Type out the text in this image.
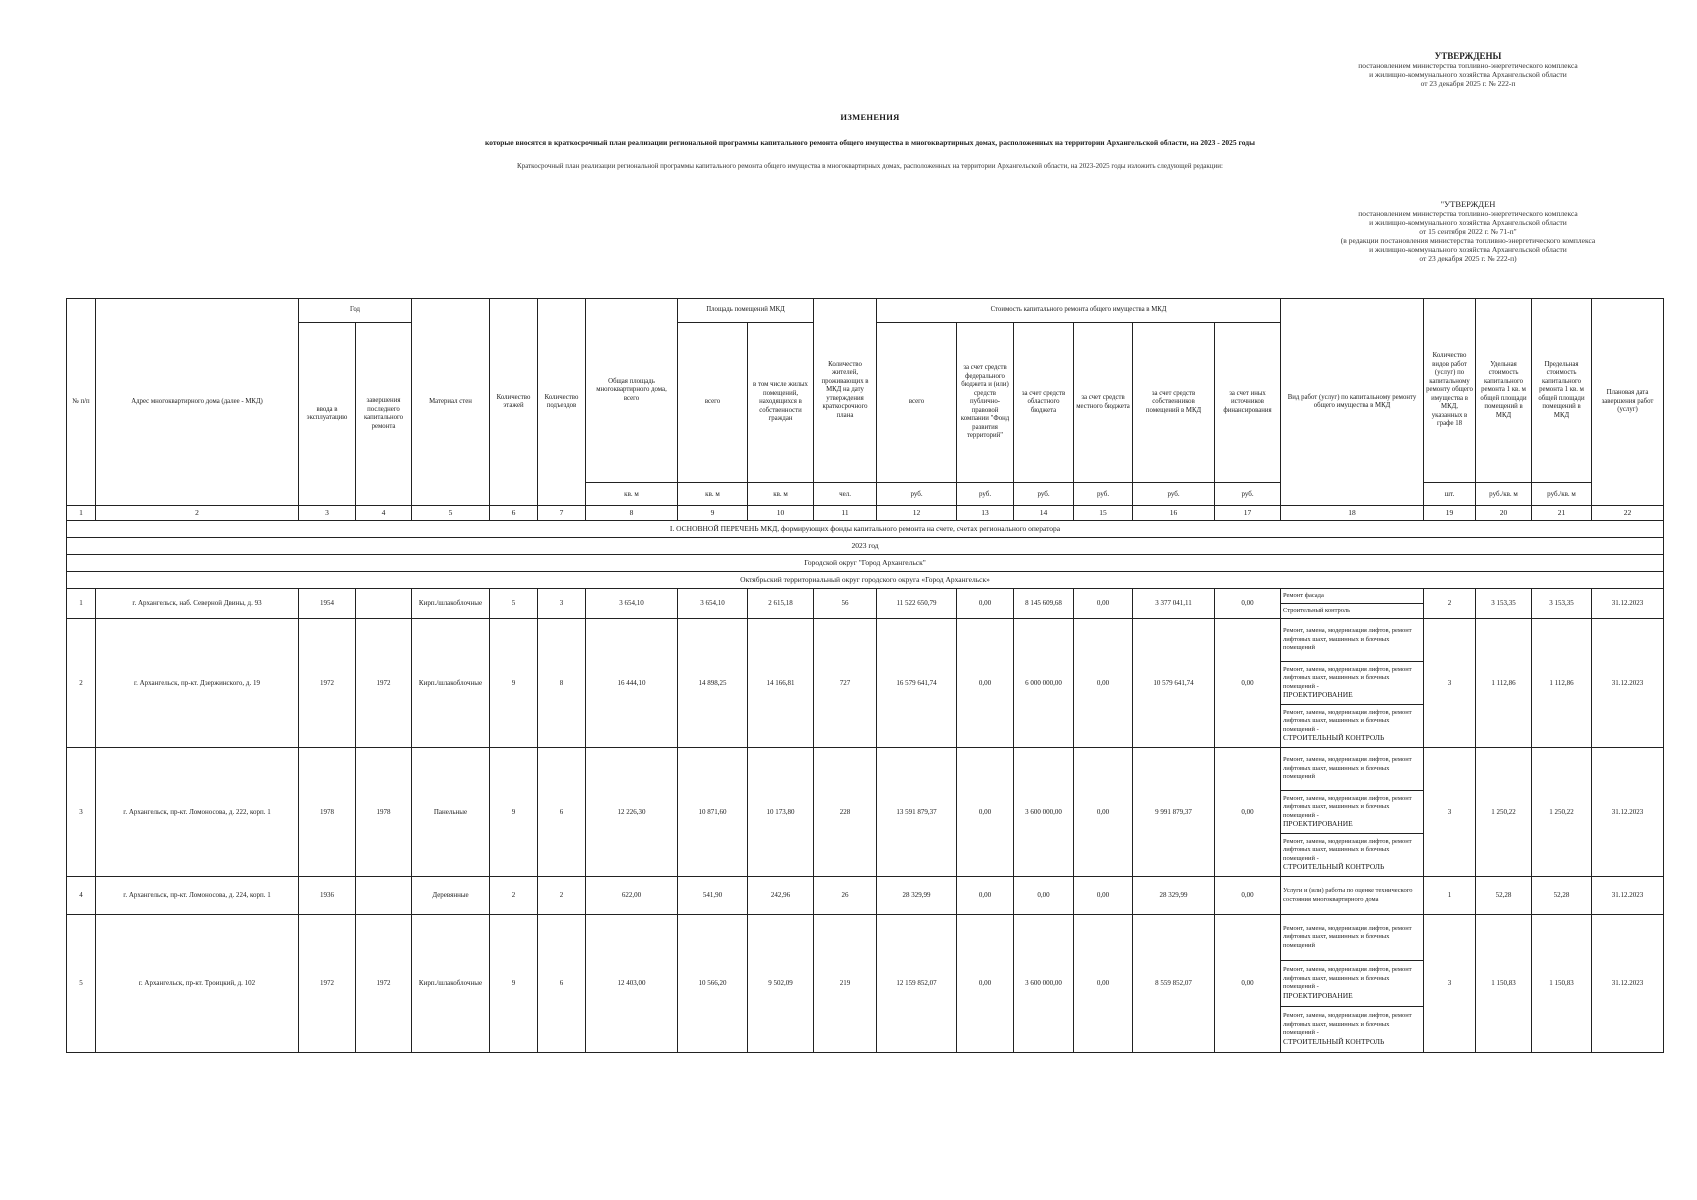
УТВЕРЖДЕНЫ
постановлением министерства топливно-энергетического комплекса
и жилищно-коммунального хозяйства Архангельской области
от 23 декабря 2025 г. № 222-п
ИЗМЕНЕНИЯ
которые вносятся в краткосрочный план реализации региональной программы капитального ремонта общего имущества в многоквартирных домах, расположенных на территории Архангельской области, на 2023 - 2025 годы
Краткосрочный план реализации региональной программы капитального ремонта общего имущества в многоквартирных домах, расположенных на территории Архангельской области, на 2023-2025 годы изложить следующей редакции:
"УТВЕРЖДЕН
постановлением министерства топливно-энергетического комплекса
и жилищно-коммунального хозяйства Архангельской области
от 15 сентября 2022 г. № 71-п"
(в редакции постановления министерства топливно-энергетического комплекса
и жилищно-коммунального хозяйства Архангельской области
от 23 декабря 2025 г. № 222-п)
№ п/п	Адрес многоквартирного дома (далее - МКД)	Год		Материал стен	Количество этажей	Количество подъездов	Общая площадь многоквартирного дома, всего	Площадь помещений МКД		Количество жителей, проживающих в МКД на дату утверждения краткосрочного плана	Стоимость капитального ремонта общего имущества в МКД						Вид работ (услуг) по капитальному ремонту общего имущества в МКД	Количество видов работ (услуг) по капитальному ремонту общего имущества в МКД, указанных в графе 18	Удельная стоимость капитального ремонта 1 кв. м общей площади помещений в МКД	Предельная стоимость капитального ремонта 1 кв. м общей площади помещений в МКД	Плановая дата завершения работ (услуг)
		ввода в эксплуатацию	завершения последнего капитального ремонта					всего	в том числе жилых помещений, находящихся в собственности граждан		всего	за счет средств федерального бюджета и (или) средств публично-правовой компании "Фонд развития территорий"	за счет средств областного бюджета	за счет средств местного бюджета	за счет средств собственников помещений в МКД	за счет иных источников финансирования					
							кв. м	кв. м	кв. м	чел.	руб.	руб.	руб.	руб.	руб.	руб.		шт.	руб./кв. м	руб./кв. м	
1	2	3	4	5	6	7	8	9	10	11	12	13	14	15	16	17	18	19	20	21	22
I. ОСНОВНОЙ ПЕРЕЧЕНЬ МКД, формирующих фонды капитального ремонта на счете, счетах регионального оператора																					
2023 год																					
Городской округ "Город Архангельск"																					
Октябрьский территориальный округ городского округа «Город Архангельск»																					
1	г. Архангельск, наб. Северной Двины, д. 93	1954		Кирп./шлакоблочные	5	3	3 654,10	3 654,10	2 615,18	56	11 522 650,79	0,00	8 145 609,68	0,00	3 377 041,11	0,00	Ремонт фасада	2	3 153,35	3 153,35	31.12.2023
																	Строительный контроль				
2	г. Архангельск, пр-кт. Дзержинского, д. 19	1972	1972	Кирп./шлакоблочные	9	8	16 444,10	14 898,25	14 166,81	727	16 579 641,74	0,00	6 000 000,00	0,00	10 579 641,74	0,00	Ремонт, замена, модернизация лифтов, ремонт лифтовых шахт, машинных и блочных помещений	3	1 112,86	1 112,86	31.12.2023
																	Ремонт, замена, модернизация лифтов, ремонт лифтовых шахт, машинных и блочных помещений -
ПРОЕКТИРОВАНИЕ				
																	Ремонт, замена, модернизация лифтов, ремонт лифтовых шахт, машинных и блочных помещений -
СТРОИТЕЛЬНЫЙ КОНТРОЛЬ				
3	г. Архангельск, пр-кт. Ломоносова, д. 222, корп. 1	1978	1978	Панельные	9	6	12 226,30	10 871,60	10 173,80	228	13 591 879,37	0,00	3 600 000,00	0,00	9 991 879,37	0,00	Ремонт, замена, модернизация лифтов, ремонт лифтовых шахт, машинных и блочных помещений	3	1 250,22	1 250,22	31.12.2023
																	Ремонт, замена, модернизация лифтов, ремонт лифтовых шахт, машинных и блочных помещений -
ПРОЕКТИРОВАНИЕ				
																	Ремонт, замена, модернизация лифтов, ремонт лифтовых шахт, машинных и блочных помещений -
СТРОИТЕЛЬНЫЙ КОНТРОЛЬ				
4	г. Архангельск, пр-кт. Ломоносова, д. 224, корп. 1	1936		Деревянные	2	2	622,00	541,90	242,96	26	28 329,99	0,00	0,00	0,00	28 329,99	0,00	Услуги и (или) работы по оценке технического состояния многоквартирного дома	1	52,28	52,28	31.12.2023
5	г. Архангельск, пр-кт. Троицкий, д. 102	1972	1972	Кирп./шлакоблочные	9	6	12 403,00	10 566,20	9 502,09	219	12 159 852,07	0,00	3 600 000,00	0,00	8 559 852,07	0,00	Ремонт, замена, модернизация лифтов, ремонт лифтовых шахт, машинных и блочных помещений	3	1 150,83	1 150,83	31.12.2023
																	Ремонт, замена, модернизация лифтов, ремонт лифтовых шахт, машинных и блочных помещений -
ПРОЕКТИРОВАНИЕ				
																	Ремонт, замена, модернизация лифтов, ремонт лифтовых шахт, машинных и блочных помещений -
СТРОИТЕЛЬНЫЙ КОНТРОЛЬ				
